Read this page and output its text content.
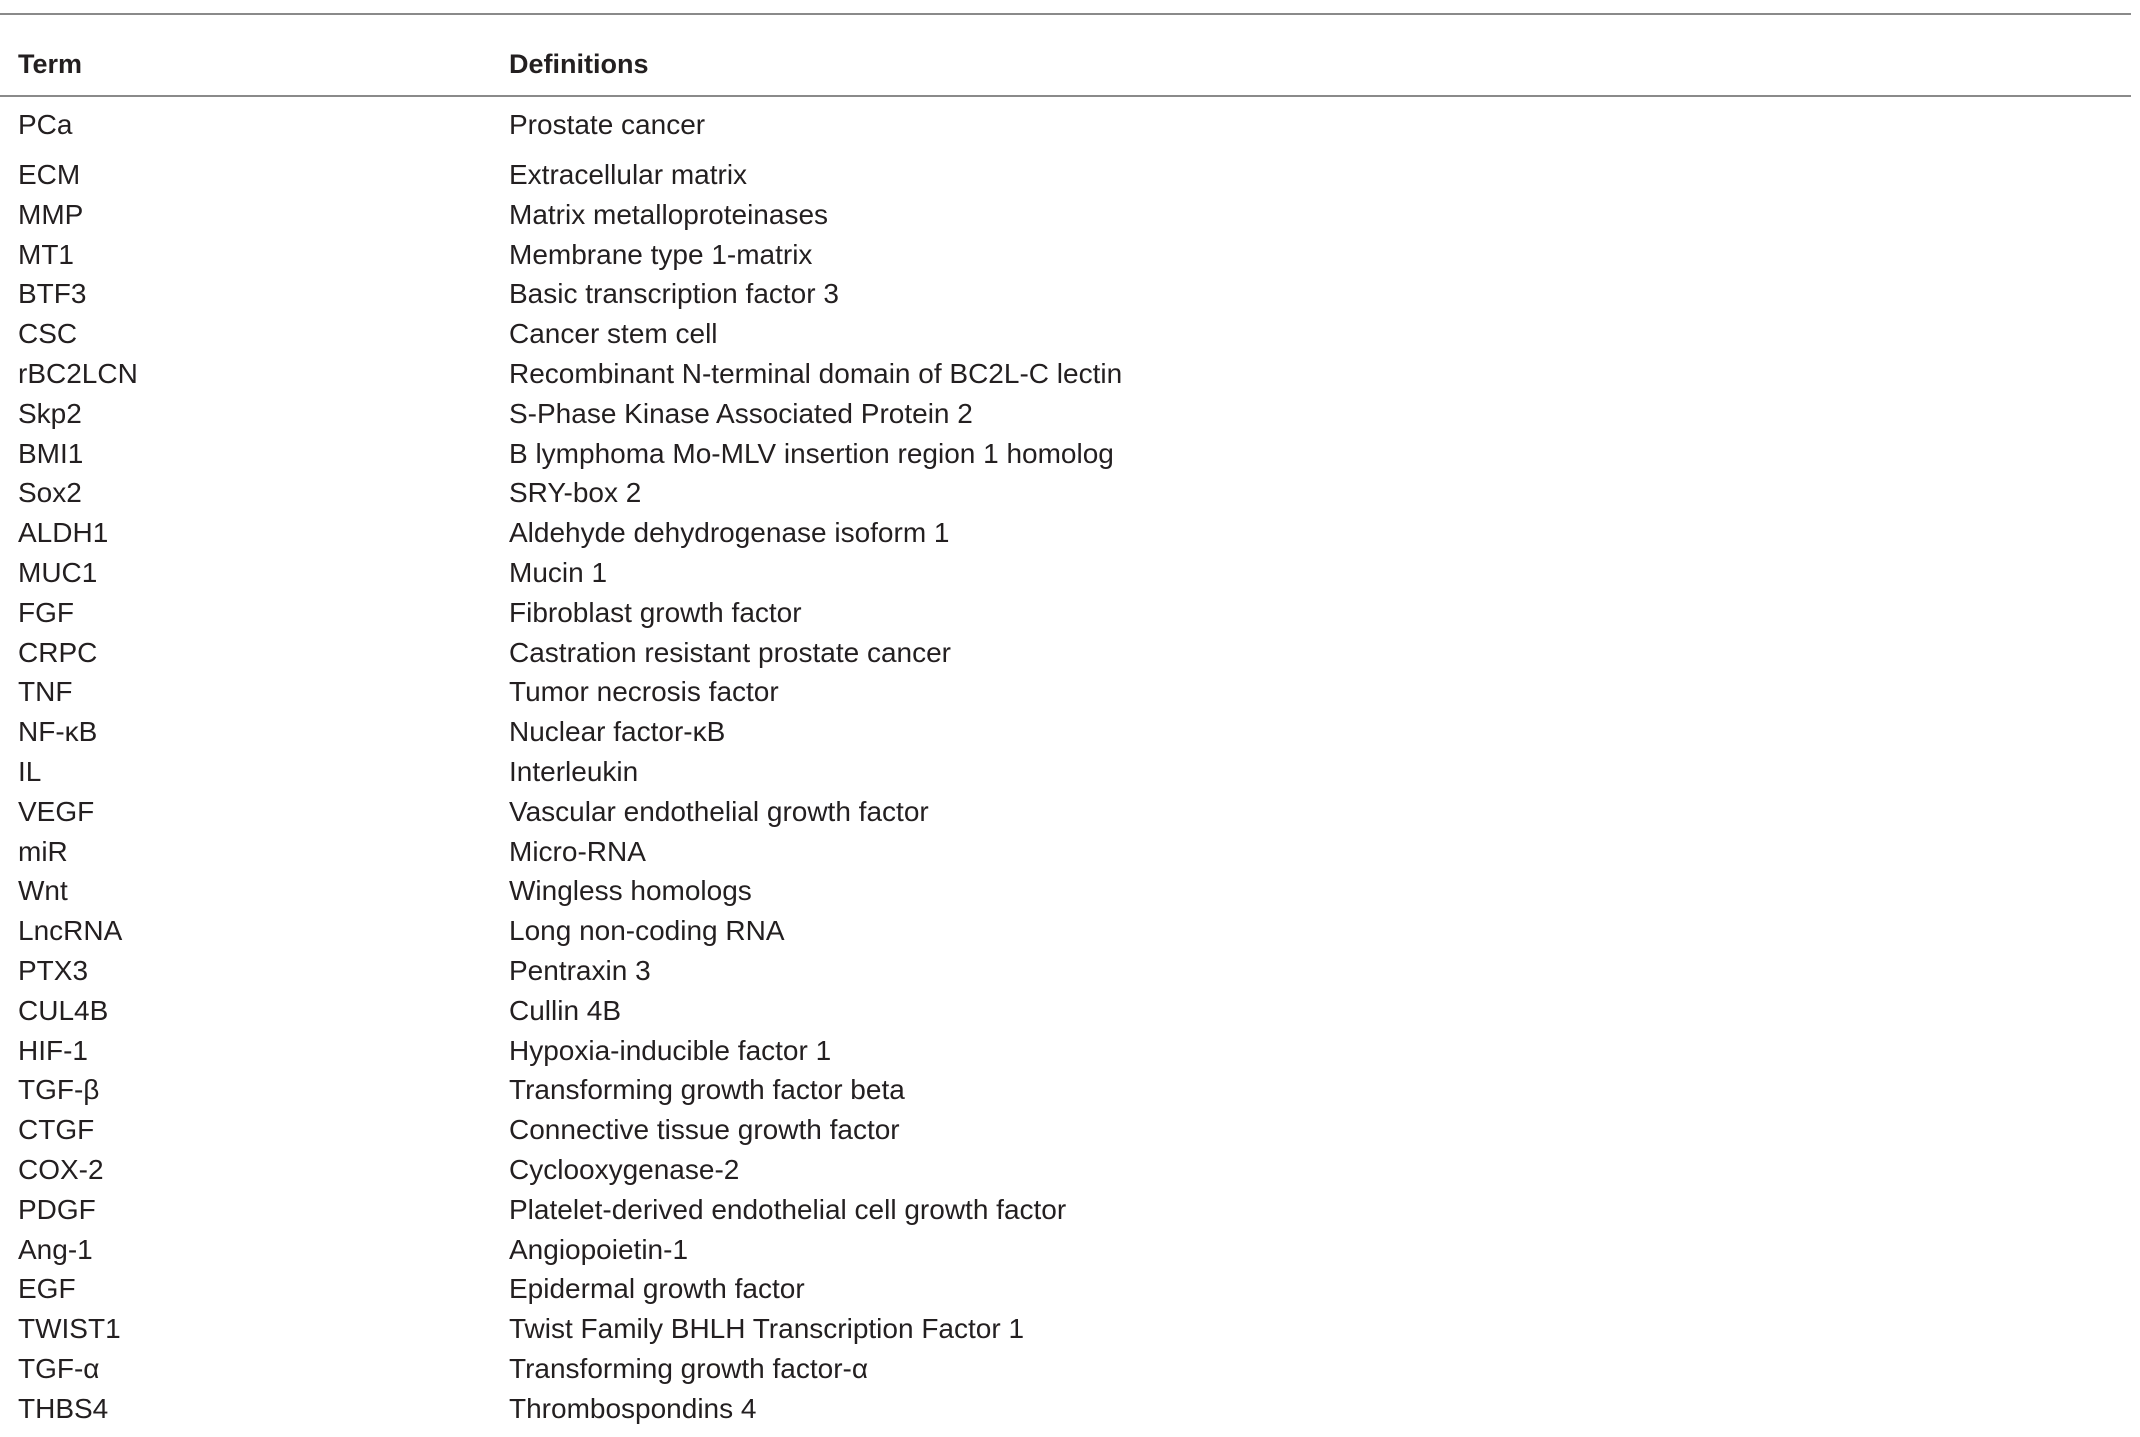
Term	Definitions
PCa	Prostate cancer
ECM	Extracellular matrix
MMP	Matrix metalloproteinases
MT1	Membrane type 1-matrix
BTF3	Basic transcription factor 3
CSC	Cancer stem cell
rBC2LCN	Recombinant N-terminal domain of BC2L-C lectin
Skp2	S-Phase Kinase Associated Protein 2
BMI1	B lymphoma Mo-MLV insertion region 1 homolog
Sox2	SRY-box 2
ALDH1	Aldehyde dehydrogenase isoform 1
MUC1	Mucin 1
FGF	Fibroblast growth factor
CRPC	Castration resistant prostate cancer
TNF	Tumor necrosis factor
NF-κB	Nuclear factor-κB
IL	Interleukin
VEGF	Vascular endothelial growth factor
miR	Micro-RNA
Wnt	Wingless homologs
LncRNA	Long non-coding RNA
PTX3	Pentraxin 3
CUL4B	Cullin 4B
HIF-1	Hypoxia-inducible factor 1
TGF-β	Transforming growth factor beta
CTGF	Connective tissue growth factor
COX-2	Cyclooxygenase-2
PDGF	Platelet-derived endothelial cell growth factor
Ang-1	Angiopoietin-1
EGF	Epidermal growth factor
TWIST1	Twist Family BHLH Transcription Factor 1
TGF-α	Transforming growth factor-α
THBS4	Thrombospondins 4
